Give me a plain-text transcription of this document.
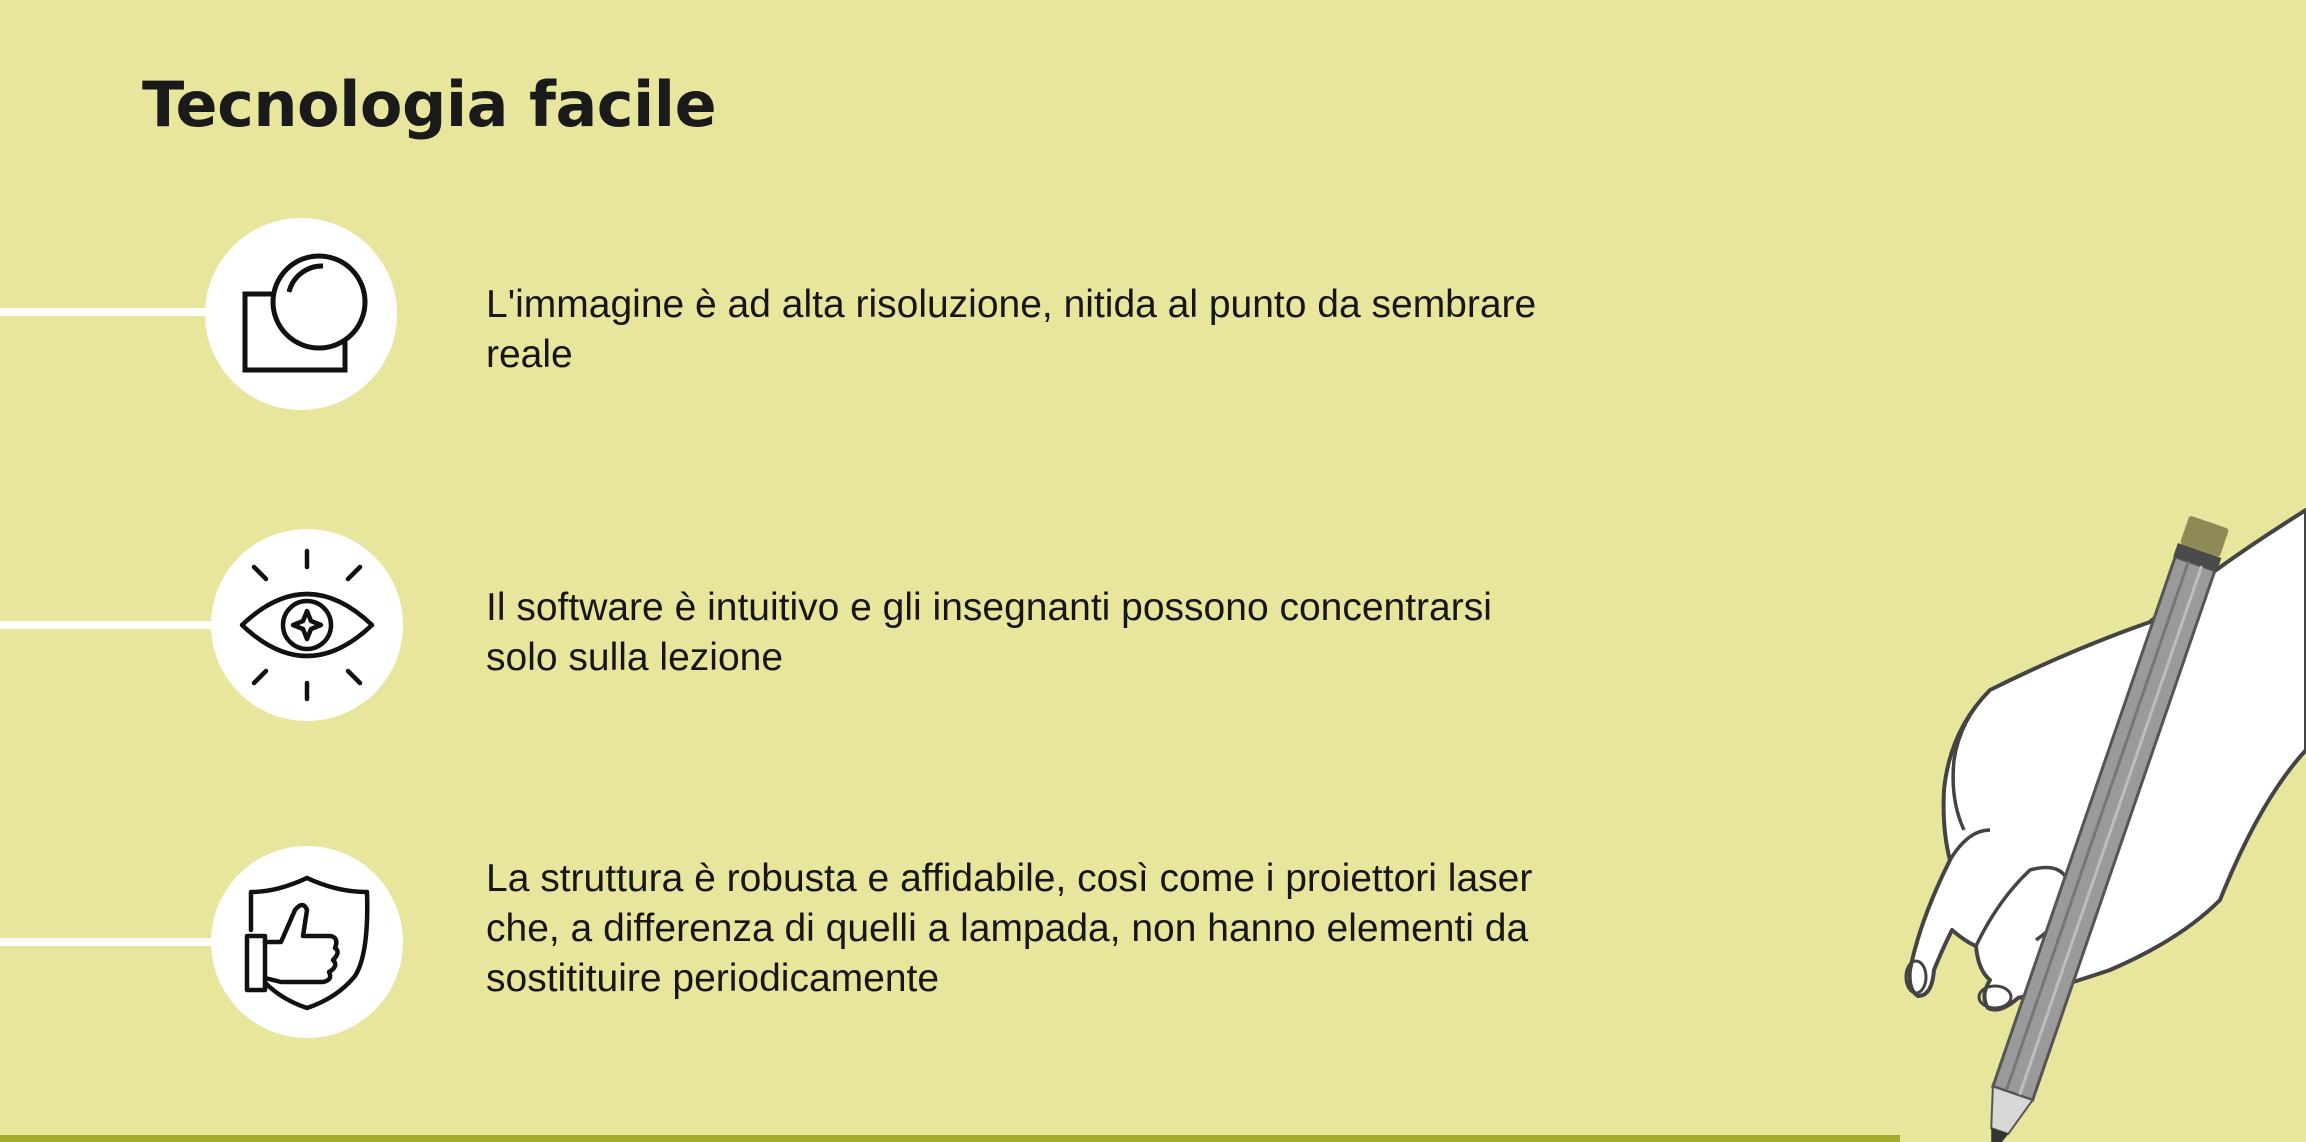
Tecnologia facile

L'immagine è ad alta risoluzione, nitida al punto da sembrare reale

Il software è intuitivo e gli insegnanti possono concentrarsi solo sulla lezione

La struttura è robusta e affidabile, così come i proiettori laser che, a differenza di quelli a lampada, non hanno elementi da sostitituire periodicamente
